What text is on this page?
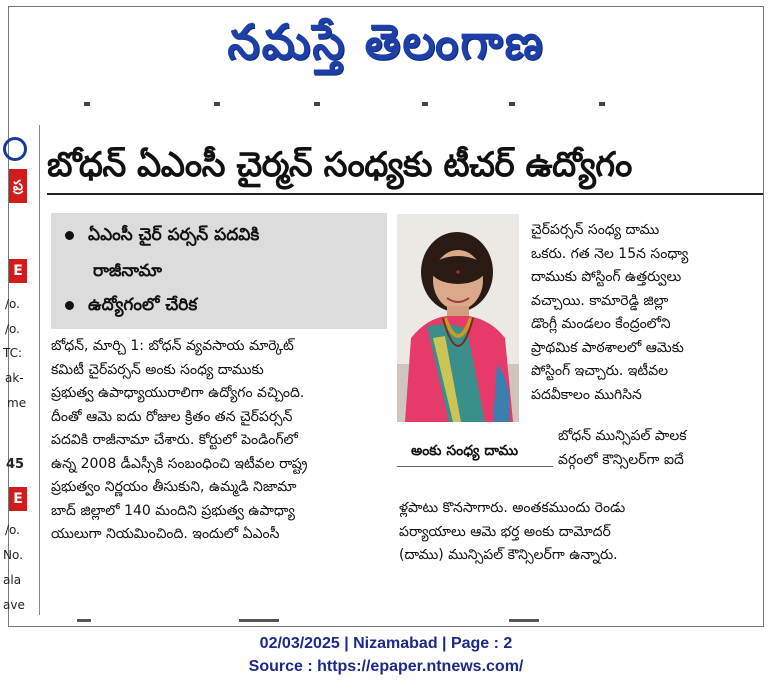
నమస్తే తెలంగాణ
ప్ర
E
/o.
/o.
TC:
ak-
me
45
E
/o.
No.
ala
ave
బోధన్ ఏఎంసీ చైర్మన్ సంధ్యకు టీచర్ ఉద్యోగం
ఏఎంసీ చైర్ పర్సన్ పదవికి
రాజీనామా
ఉద్యోగంలో చేరిక
బోధన్, మార్చి 1: బోధన్ వ్యవసాయ మార్కెట్
కమిటీ చైర్‌పర్సన్ అంకు సంధ్య దాముకు
ప్రభుత్వ ఉపాధ్యాయురాలిగా ఉద్యోగం వచ్చింది.
దీంతో ఆమె ఐదు రోజుల క్రితం తన చైర్‌పర్సన్
పదవికి రాజీనామా చేశారు. కోర్టులో పెండింగ్‌లో
ఉన్న 2008 డీఎస్సీకి సంబంధించి ఇటీవల రాష్ట్ర
ప్రభుత్వం నిర్ణయం తీసుకుని, ఉమ్మడి నిజామా
బాద్ జిల్లాలో 140 మందిని ప్రభుత్వ ఉపాధ్యా
యులుగా నియమించింది. ఇందులో ఏఎంసీ
అంకు సంధ్య దాము
చైర్‌పర్సన్ సంధ్య దాము
ఒకరు. గత నెల 15న సంధ్యా
దాముకు పోస్టింగ్ ఉత్తర్వులు
వచ్చాయి. కామారెడ్డి జిల్లా
డొంగ్లీ మండలం కేంద్రంలోని
ప్రాథమిక పాఠశాలలో ఆమెకు
పోస్టింగ్ ఇచ్చారు. ఇటీవల
పదవీకాలం ముగిసిన
బోధన్ మున్సిపల్ పాలక
వర్గంలో కౌన్సిలర్‌గా ఐదే
ళ్లపాటు కొనసాగారు. అంతకముందు రెండు
పర్యాయాలు ఆమె భర్త అంకు దామోదర్
(దాము) మున్సిపల్ కౌన్సిలర్‌గా ఉన్నారు.
02/03/2025 | Nizamabad | Page : 2
Source : https://epaper.ntnews.com/
